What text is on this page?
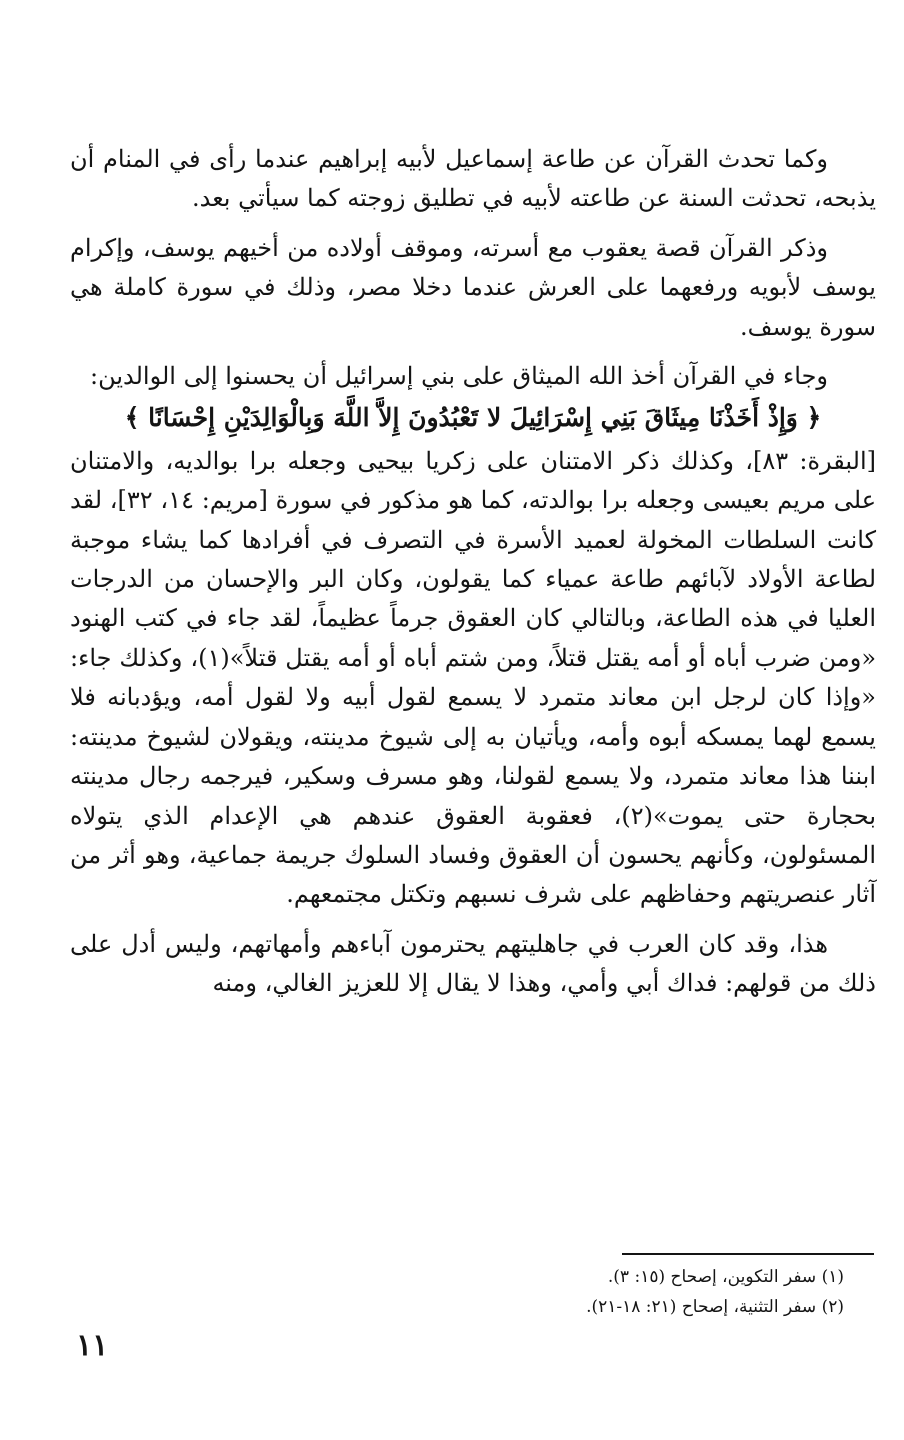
وكما تحدث القرآن عن طاعة إسماعيل لأبيه إبراهيم عندما رأى في المنام أن يذبحه، تحدثت السنة عن طاعته لأبيه في تطليق زوجته كما سيأتي بعد.

وذكر القرآن قصة يعقوب مع أسرته، وموقف أولاده من أخيهم يوسف، وإكرام يوسف لأبويه ورفعهما على العرش عندما دخلا مصر، وذلك في سورة كاملة هي سورة يوسف.

وجاء في القرآن أخذ الله الميثاق على بني إسرائيل أن يحسنوا إلى الوالدين:
﴿ وَإِذْ أَخَذْنَا مِيثَاقَ بَنِي إِسْرَائِيلَ لا تَعْبُدُونَ إِلاَّ اللَّهَ وَبِالْوَالِدَيْنِ إِحْسَانًا ﴾
[البقرة: ٨٣]، وكذلك ذكر الامتنان على زكريا بيحيى وجعله برا بوالديه، والامتنان على مريم بعيسى وجعله برا بوالدته، كما هو مذكور في سورة [مريم: ١٤، ٣٢]، لقد كانت السلطات المخولة لعميد الأسرة في التصرف في أفرادها كما يشاء موجبة لطاعة الأولاد لآبائهم طاعة عمياء كما يقولون، وكان البر والإحسان من الدرجات العليا في هذه الطاعة، وبالتالي كان العقوق جرماً عظيماً، لقد جاء في كتب الهنود «ومن ضرب أباه أو أمه يقتل قتلاً، ومن شتم أباه أو أمه يقتل قتلاً»(١)، وكذلك جاء: «وإذا كان لرجل ابن معاند متمرد لا يسمع لقول أبيه ولا لقول أمه، ويؤدبانه فلا يسمع لهما يمسكه أبوه وأمه، ويأتيان به إلى شيوخ مدينته، ويقولان لشيوخ مدينته: ابننا هذا معاند متمرد، ولا يسمع لقولنا، وهو مسرف وسكير، فيرجمه رجال مدينته بحجارة حتى يموت»(٢)، فعقوبة العقوق عندهم هي الإعدام الذي يتولاه المسئولون، وكأنهم يحسون أن العقوق وفساد السلوك جريمة جماعية، وهو أثر من آثار عنصريتهم وحفاظهم على شرف نسبهم وتكتل مجتمعهم.

هذا، وقد كان العرب في جاهليتهم يحترمون آباءهم وأمهاتهم، وليس أدل على ذلك من قولهم: فداك أبي وأمي، وهذا لا يقال إلا للعزيز الغالي، ومنه

(١) سفر التكوين، إصحاح (١٥: ٣).
(٢) سفر التثنية، إصحاح (٢١: ١٨-٢١).
١١
